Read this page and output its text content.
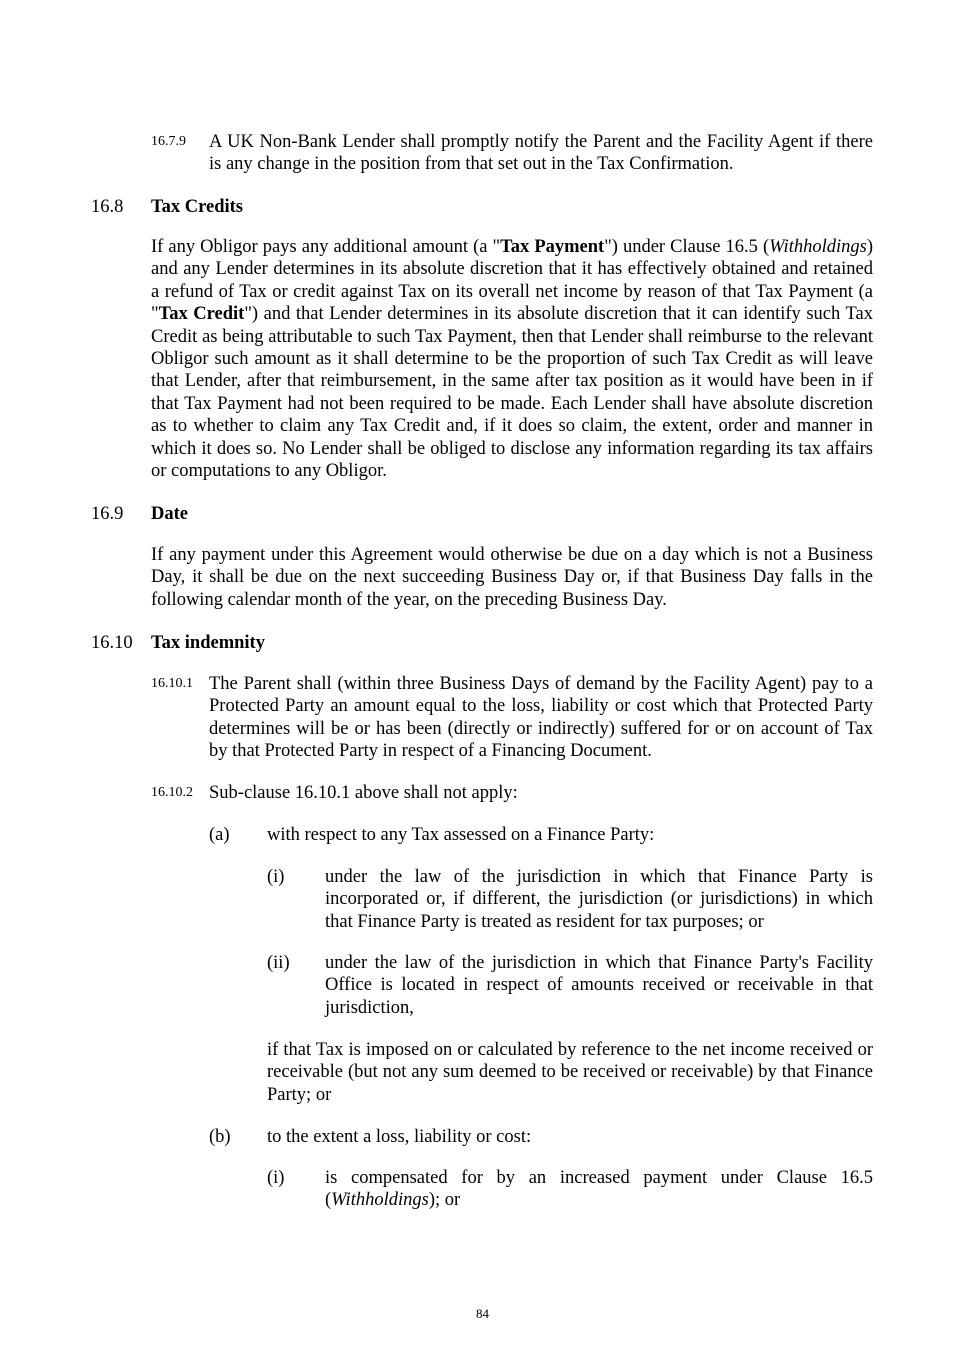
16.7.9 A UK Non-Bank Lender shall promptly notify the Parent and the Facility Agent if there is any change in the position from that set out in the Tax Confirmation.

16.8 Tax Credits

If any Obligor pays any additional amount (a "Tax Payment") under Clause 16.5 (Withholdings) and any Lender determines in its absolute discretion that it has effectively obtained and retained a refund of Tax or credit against Tax on its overall net income by reason of that Tax Payment (a "Tax Credit") and that Lender determines in its absolute discretion that it can identify such Tax Credit as being attributable to such Tax Payment, then that Lender shall reimburse to the relevant Obligor such amount as it shall determine to be the proportion of such Tax Credit as will leave that Lender, after that reimbursement, in the same after tax position as it would have been in if that Tax Payment had not been required to be made. Each Lender shall have absolute discretion as to whether to claim any Tax Credit and, if it does so claim, the extent, order and manner in which it does so. No Lender shall be obliged to disclose any information regarding its tax affairs or computations to any Obligor.

16.9 Date

If any payment under this Agreement would otherwise be due on a day which is not a Business Day, it shall be due on the next succeeding Business Day or, if that Business Day falls in the following calendar month of the year, on the preceding Business Day.

16.10 Tax indemnity
16.10.1 The Parent shall (within three Business Days of demand by the Facility Agent) pay to a Protected Party an amount equal to the loss, liability or cost which that Protected Party determines will be or has been (directly or indirectly) suffered for or on account of Tax by that Protected Party in respect of a Financing Document.

16.10.2 Sub-clause 16.10.1 above shall not apply:

(a) with respect to any Tax assessed on a Finance Party:

(i) under the law of the jurisdiction in which that Finance Party is incorporated or, if different, the jurisdiction (or jurisdictions) in which that Finance Party is treated as resident for tax purposes; or

(ii) under the law of the jurisdiction in which that Finance Party's Facility Office is located in respect of amounts received or receivable in that jurisdiction,

if that Tax is imposed on or calculated by reference to the net income received or receivable (but not any sum deemed to be received or receivable) by that Finance Party; or

(b) to the extent a loss, liability or cost:

(i) is compensated for by an increased payment under Clause 16.5 (Withholdings); or

84
